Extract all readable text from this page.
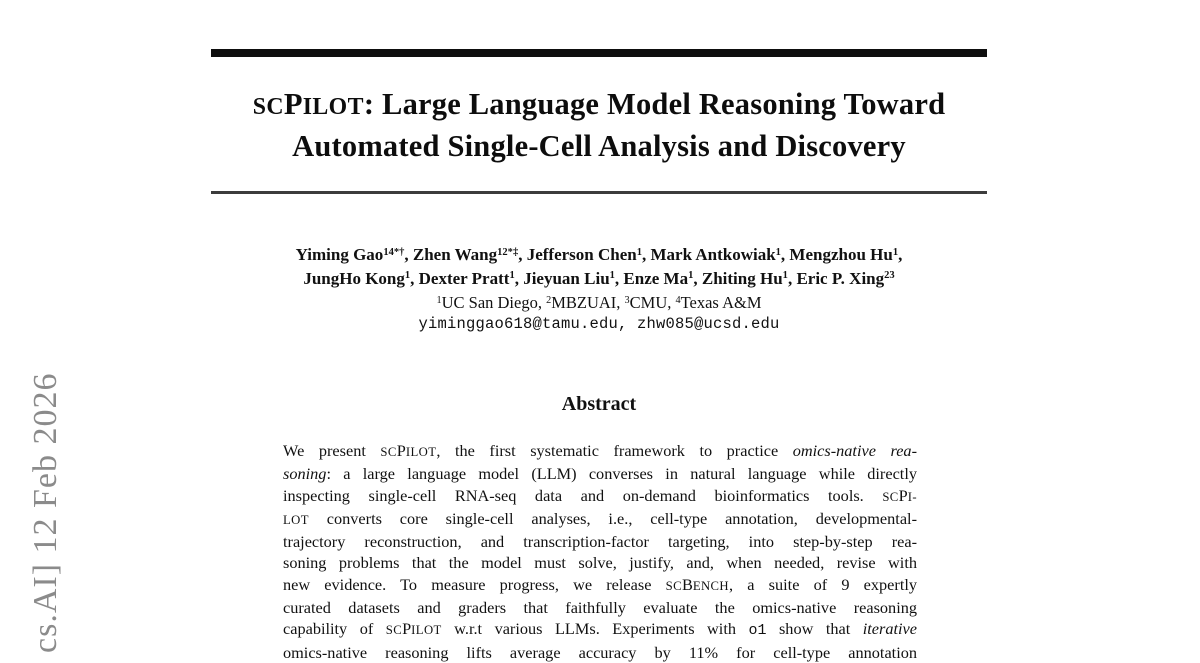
cs.AI] 12 Feb 2026
SCPILOT: Large Language Model Reasoning Toward
Automated Single-Cell Analysis and Discovery
Yiming Gao$^{14*\dagger}$, Zhen Wang$^{12*\ddagger}$, Jefferson Chen$^1$, Mark Antkowiak$^1$, Mengzhou Hu$^1$,
JungHo Kong$^1$, Dexter Pratt$^1$, Jieyuan Liu$^1$, Enze Ma$^1$, Zhiting Hu$^1$, Eric P. Xing$^{23}$
$^1$UC San Diego, $^2$MBZUAI, $^3$CMU, $^4$Texas A&M
yiminggao618@tamu.edu, zhw085@ucsd.edu
Abstract
We present SCPILOT, the first systematic framework to practice omics-native rea-
soning: a large language model (LLM) converses in natural language while directly
inspecting single-cell RNA-seq data and on-demand bioinformatics tools. SCPI-
LOT converts core single-cell analyses, i.e., cell-type annotation, developmental-
trajectory reconstruction, and transcription-factor targeting, into step-by-step rea-
soning problems that the model must solve, justify, and, when needed, revise with
new evidence. To measure progress, we release SCBENCH, a suite of 9 expertly
curated datasets and graders that faithfully evaluate the omics-native reasoning
capability of SCPILOT w.r.t various LLMs. Experiments with o1 show that iterative
omics-native reasoning lifts average accuracy by 11% for cell-type annotation
